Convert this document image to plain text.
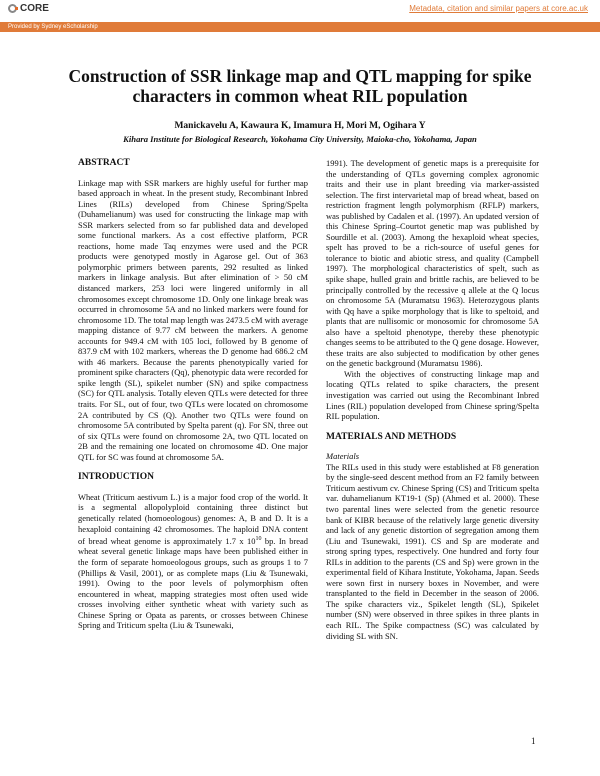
CORE	Metadata, citation and similar papers at core.ac.uk
Provided by Sydney eScholarship
Construction of SSR linkage map and QTL mapping for spike characters in common wheat RIL population
Manickavelu A, Kawaura K, Imamura H, Mori M, Ogihara Y
Kihara Institute for Biological Research, Yokohama City University, Maioka-cho, Yokohama, Japan

ABSTRACT

Linkage map with SSR markers are highly useful for further map based approach in wheat. In the present study, Recombinant Inbred Lines (RILs) developed from Chinese Spring/Spelta (Duhamelianum) was used for constructing the linkage map with SSR markers selected from so far published data and developed some functional markers. As a cost effective platform, PCR reactions, home made Taq enzymes were used and the PCR products were genotyped mostly in Agarose gel. Out of 363 polymorphic primers between parents, 292 resulted as linked markers in linkage analysis. But after elimination of > 50 cM distanced markers, 253 loci were lingered uniformly in all chromosomes except chromosome 1D. Only one linkage break was occurred in chromosome 5A and no linked markers were found for chromosome 1D. The total map length was 2473.5 cM with average mapping distance of 9.77 cM between the markers. A genome accounts for 949.4 cM with 105 loci, followed by B genome of 837.9 cM with 102 markers, whereas the D genome had 686.2 cM with 46 markers. Because the parents phenotypically varied for prominent spike characters (Qq), phenotypic data were recorded for spike length (SL), spikelet number (SN) and spike compactness (SC) for QTL analysis. Totally eleven QTLs were detected for three traits. For SL, out of four, two QTLs were located on chromosome 2A contributed by CS (Q). Another two QTLs were found on chromosome 5A contributed by Spelta parent (q). For SN, three out of six QTLs were found on chromosome 2A, two QTL located on 2B and the remaining one located on chromosome 4D. One major QTL for SC was found at chromosome 5A.

INTRODUCTION

Wheat (Triticum aestivum L.) is a major food crop of the world. It is a segmental allopolyploid containing three distinct but genetically related (homoeologous) genomes: A, B and D. It is a hexaploid containing 42 chromosomes. The haploid DNA content of bread wheat genome is approximately 1.7 x $10^{10}$ bp. In bread wheat several genetic linkage maps have been published either in the form of separate homoeologous groups, such as groups 1 to 7 (Phillips & Vasil, 2001), or as complete maps (Liu & Tsunewaki, 1991). Owing to the poor levels of polymorphism often encountered in wheat, mapping strategies most often used wide crosses involving either synthetic wheat with variety such as Chinese Spring or Opata as parents, or crosses between Chinese Spring and Triticum spelta (Liu & Tsunewaki,

1991). The development of genetic maps is a prerequisite for the understanding of QTLs governing complex agronomic traits and their use in plant breeding via marker-assisted selection. The first intervarietal map of bread wheat, based on restriction fragment length polymorphism (RFLP) markers, was published by Cadalen et al. (1997). An updated version of this Chinese Spring–Courtot genetic map was published by Sourdille et al. (2003). Among the hexaploid wheat species, spelt has proved to be a rich-source of useful genes for tolerance to biotic and abiotic stress, and quality (Campbell 1997). The morphological characteristics of spelt, such as spike shape, hulled grain and brittle rachis, are believed to be principally controlled by the recessive q allele at the Q locus on chromosome 5A (Muramatsu 1963). Heterozygous plants with Qq have a spike morphology that is like to speltoid, and plants that are nullisomic or monosomic for chromosome 5A also have a speltoid phenotype, thereby these phenotypic changes seems to be attributed to the Q gene dosage. However, these traits are also subjected to modification by other genes on the genetic background (Muramatsu 1986).

With the objectives of constructing linkage map and locating QTLs related to spike characters, the present investigation was carried out using the Recombinant Inbred Lines (RIL) population developed from Chinese spring/Spelta RIL population.

MATERIALS AND METHODS

Materials

The RILs used in this study were established at F8 generation by the single-seed descent method from an F2 family between Triticum aestivum cv. Chinese Spring (CS) and Triticum spelta var. duhamelianum KT19-1 (Sp) (Ahmed et al. 2000). These two parental lines were selected from the genetic resource bank of KIBR because of the relatively large genetic diversity and lack of any genetic distortion of segregation among them (Liu and Tsunewaki, 1991). CS and Sp are moderate and strong spring types, respectively. One hundred and forty four RILs in addition to the parents (CS and Sp) were grown in the experimental field of Kihara Institute, Yokohama, Japan. Seeds were sown first in nursery boxes in November, and were transplanted to the field in December in the season of 2006. The spike characters viz., Spikelet length (SL), Spikelet number (SN) were observed in three spikes in three plants in each RIL. The Spike compactness (SC) was calculated by dividing SL with SN.

1
